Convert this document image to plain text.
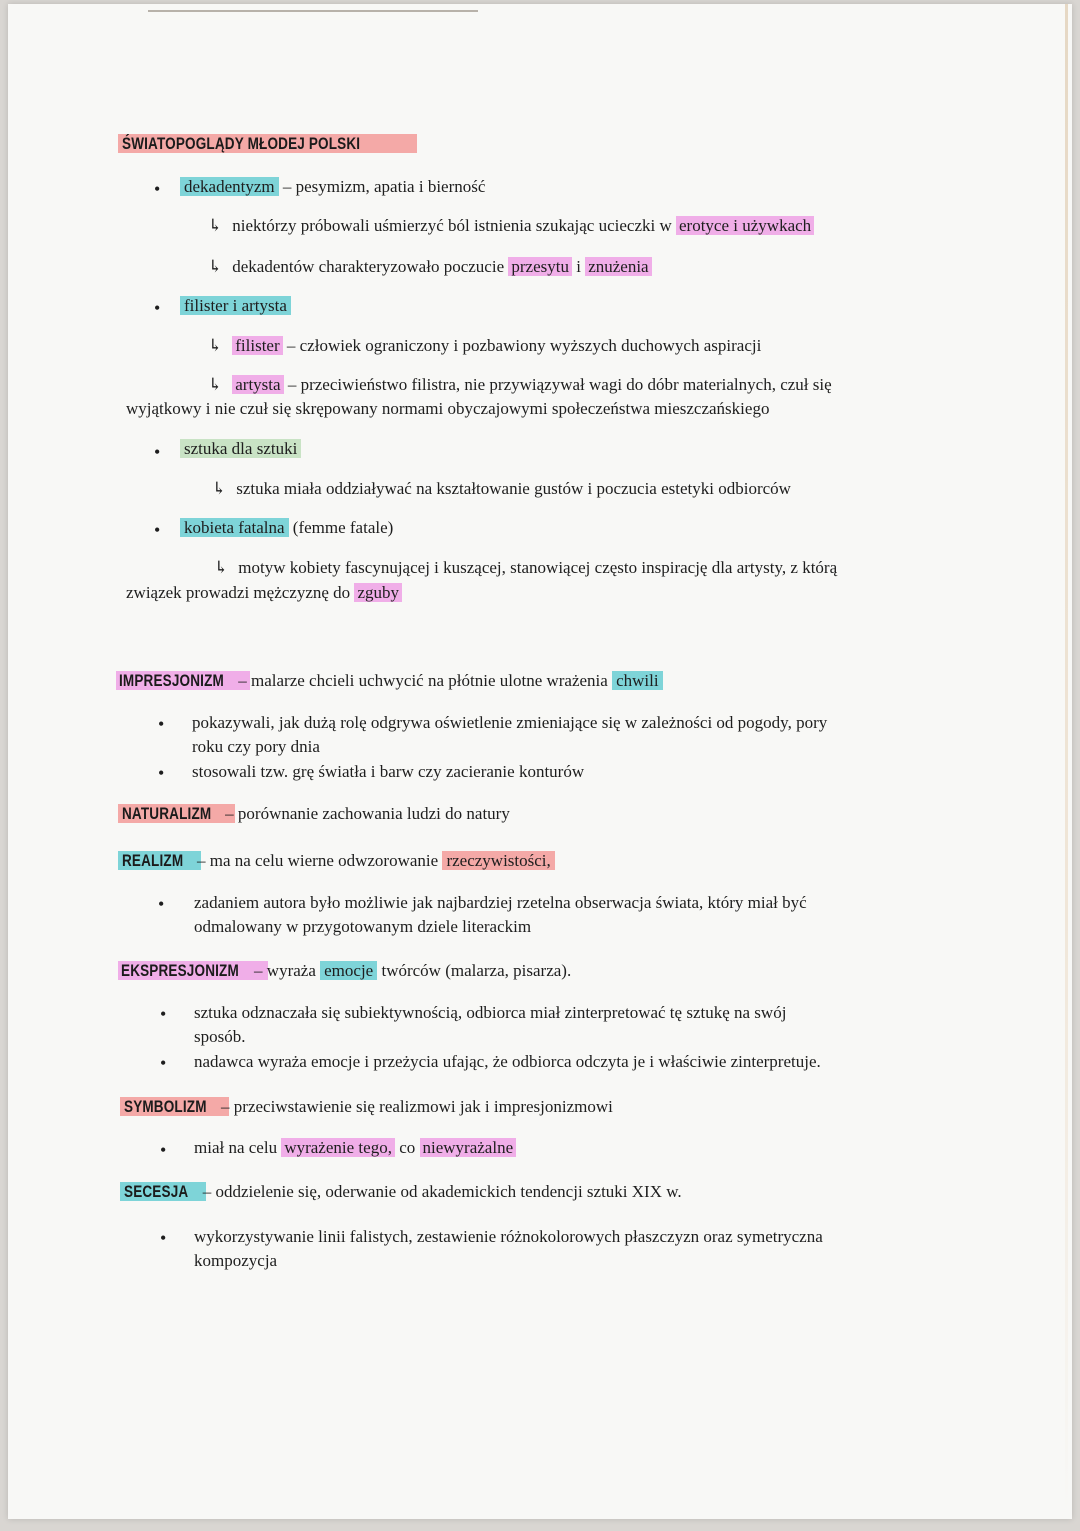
ŚWIATOPOGLĄDY MŁODEJ POLSKI
• dekadentyzm – pesymizm, apatia i bierność
↳ niektórzy próbowali uśmierzyć ból istnienia szukając ucieczki w erotyce i używkach
↳ dekadentów charakteryzowało poczucie przesytu i znużenia
• filister i artysta
↳ filister – człowiek ograniczony i pozbawiony wyższych duchowych aspiracji
↳ artysta – przeciwieństwo filistra, nie przywiązywał wagi do dóbr materialnych, czuł się
wyjątkowy i nie czuł się skrępowany normami obyczajowymi społeczeństwa mieszczańskiego
• sztuka dla sztuki
↳ sztuka miała oddziaływać na kształtowanie gustów i poczucia estetyki odbiorców
• kobieta fatalna (femme fatale)
↳ motyw kobiety fascynującej i kuszącej, stanowiącej często inspirację dla artysty, z którą
związek prowadzi mężczyznę do zguby
IMPRESJONIZM – malarze chcieli uchwycić na płótnie ulotne wrażenia chwili
• pokazywali, jak dużą rolę odgrywa oświetlenie zmieniające się w zależności od pogody, pory
roku czy pory dnia
• stosowali tzw. grę światła i barw czy zacieranie konturów
NATURALIZM – porównanie zachowania ludzi do natury
REALIZM – ma na celu wierne odwzorowanie rzeczywistości,
• zadaniem autora było możliwie jak najbardziej rzetelna obserwacja świata, który miał być
odmalowany w przygotowanym dziele literackim
EKSPRESJONIZM – wyraża emocje twórców (malarza, pisarza).
• sztuka odznaczała się subiektywnością, odbiorca miał zinterpretować tę sztukę na swój
sposób.
• nadawca wyraża emocje i przeżycia ufając, że odbiorca odczyta je i właściwie zinterpretuje.
SYMBOLIZM – przeciwstawienie się realizmowi jak i impresjonizmowi
• miał na celu wyrażenie tego, co niewyrażalne
SECESJA – oddzielenie się, oderwanie od akademickich tendencji sztuki XIX w.
• wykorzystywanie linii falistych, zestawienie różnokolorowych płaszczyzn oraz symetryczna
kompozycja
